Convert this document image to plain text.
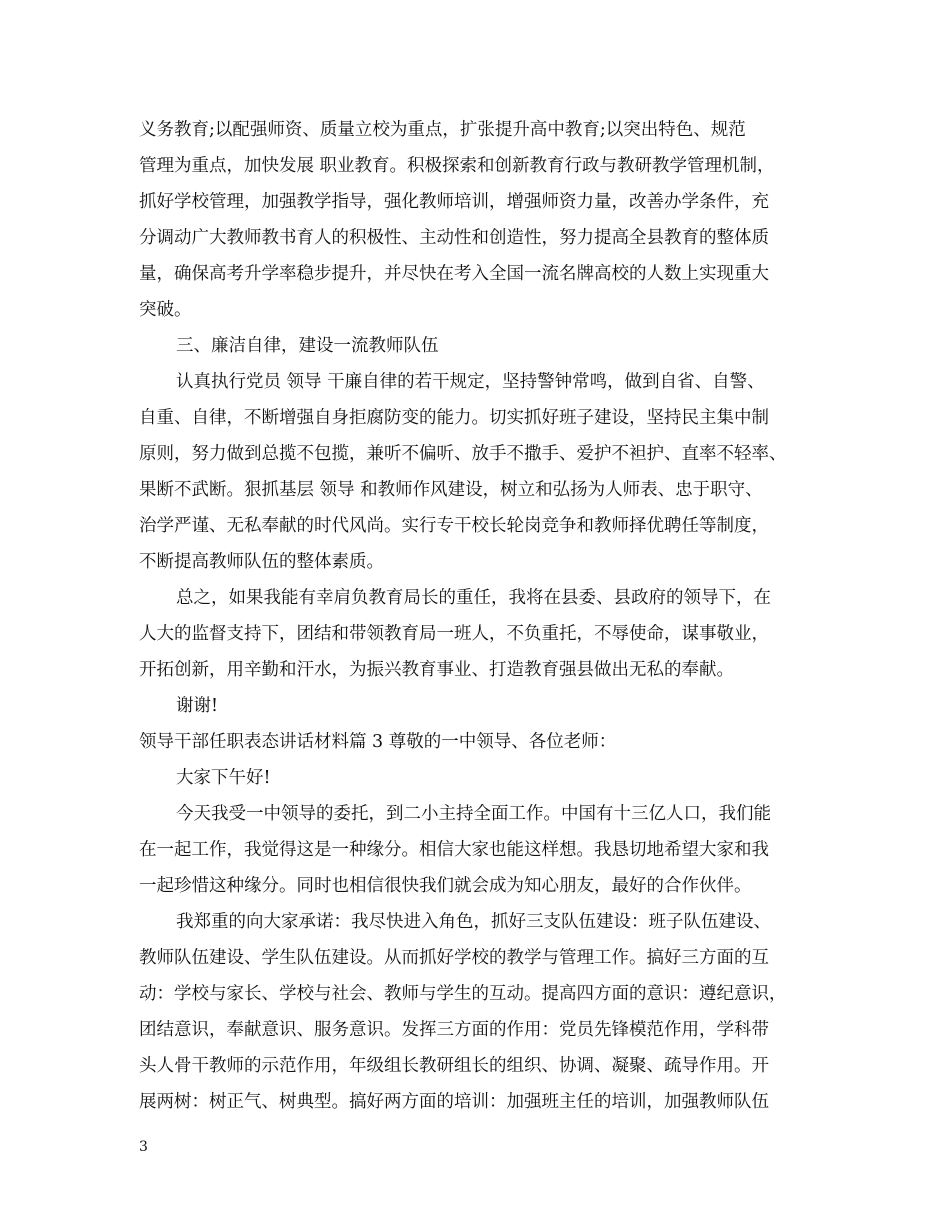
义务教育;以配强师资、质量立校为重点，扩张提升高中教育;以突出特色、规范
管理为重点，加快发展 职业教育。积极探索和创新教育行政与教研教学管理机制，
抓好学校管理，加强教学指导，强化教师培训，增强师资力量，改善办学条件，充
分调动广大教师教书育人的积极性、主动性和创造性，努力提高全县教育的整体质
量，确保高考升学率稳步提升，并尽快在考入全国一流名牌高校的人数上实现重大
突破。
三、廉洁自律，建设一流教师队伍
认真执行党员 领导 干廉自律的若干规定，坚持警钟常鸣，做到自省、自警、
自重、自律，不断增强自身拒腐防变的能力。切实抓好班子建设，坚持民主集中制
原则，努力做到总揽不包揽，兼听不偏听、放手不撒手、爱护不袒护、直率不轻率、
果断不武断。狠抓基层 领导 和教师作风建设，树立和弘扬为人师表、忠于职守、
治学严谨、无私奉献的时代风尚。实行专干校长轮岗竞争和教师择优聘任等制度，
不断提高教师队伍的整体素质。
总之，如果我能有幸肩负教育局长的重任，我将在县委、县政府的领导下，在
人大的监督支持下，团结和带领教育局一班人，不负重托，不辱使命，谋事敬业，
开拓创新，用辛勤和汗水，为振兴教育事业、打造教育强县做出无私的奉献。
谢谢!
领导干部任职表态讲话材料篇 3 尊敬的一中领导、各位老师：
大家下午好!
今天我受一中领导的委托，到二小主持全面工作。中国有十三亿人口，我们能
在一起工作，我觉得这是一种缘分。相信大家也能这样想。我恳切地希望大家和我
一起珍惜这种缘分。同时也相信很快我们就会成为知心朋友，最好的合作伙伴。
我郑重的向大家承诺：我尽快进入角色，抓好三支队伍建设：班子队伍建设、
教师队伍建设、学生队伍建设。从而抓好学校的教学与管理工作。搞好三方面的互
动：学校与家长、学校与社会、教师与学生的互动。提高四方面的意识：遵纪意识，
团结意识，奉献意识、服务意识。发挥三方面的作用：党员先锋模范作用，学科带
头人骨干教师的示范作用，年级组长教研组长的组织、协调、凝聚、疏导作用。开
展两树：树正气、树典型。搞好两方面的培训：加强班主任的培训，加强教师队伍
3
